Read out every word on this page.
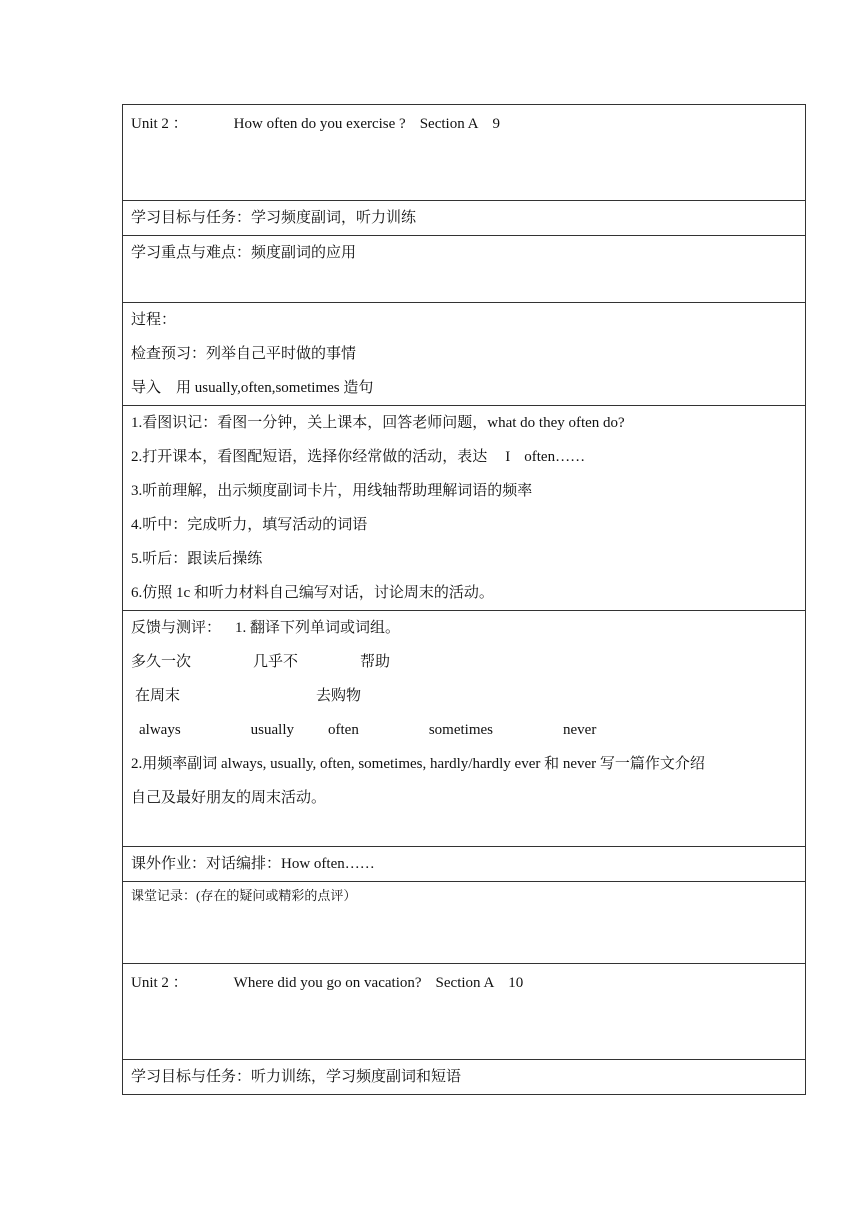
Unit 2 ：	How often do you exercise ? Section A 9

学习目标与任务：学习频度副词，听力训练

学习重点与难点：频度副词的应用

过程：
检查预习：列举自己平时做的事情
导入　用 usually,often,sometimes 造句

1.看图识记：看图一分钟，关上课本，回答老师问题，what do they often do?
2.打开课本，看图配短语，选择你经常做的活动，表达 I often……
3.听前理解，出示频度副词卡片，用线轴帮助理解词语的频率
4.听中：完成听力，填写活动的词语
5.听后：跟读后操练
6.仿照 1c 和听力材料自己编写对话，讨论周末的活动。

反馈与测评： 1. 翻译下列单词或词组。
多久一次	几乎不	帮助
在周末	去购物
always	usually often	sometimes	never
2.用频率副词 always, usually, often, sometimes, hardly/hardly ever 和 never 写一篇作文介绍
自己及最好朋友的周末活动。

课外作业：对话编排：How often……

课堂记录：(存在的疑问或精彩的点评）

Unit 2 ：	Where did you go on vacation? Section A 10

学习目标与任务：听力训练，学习频度副词和短语
